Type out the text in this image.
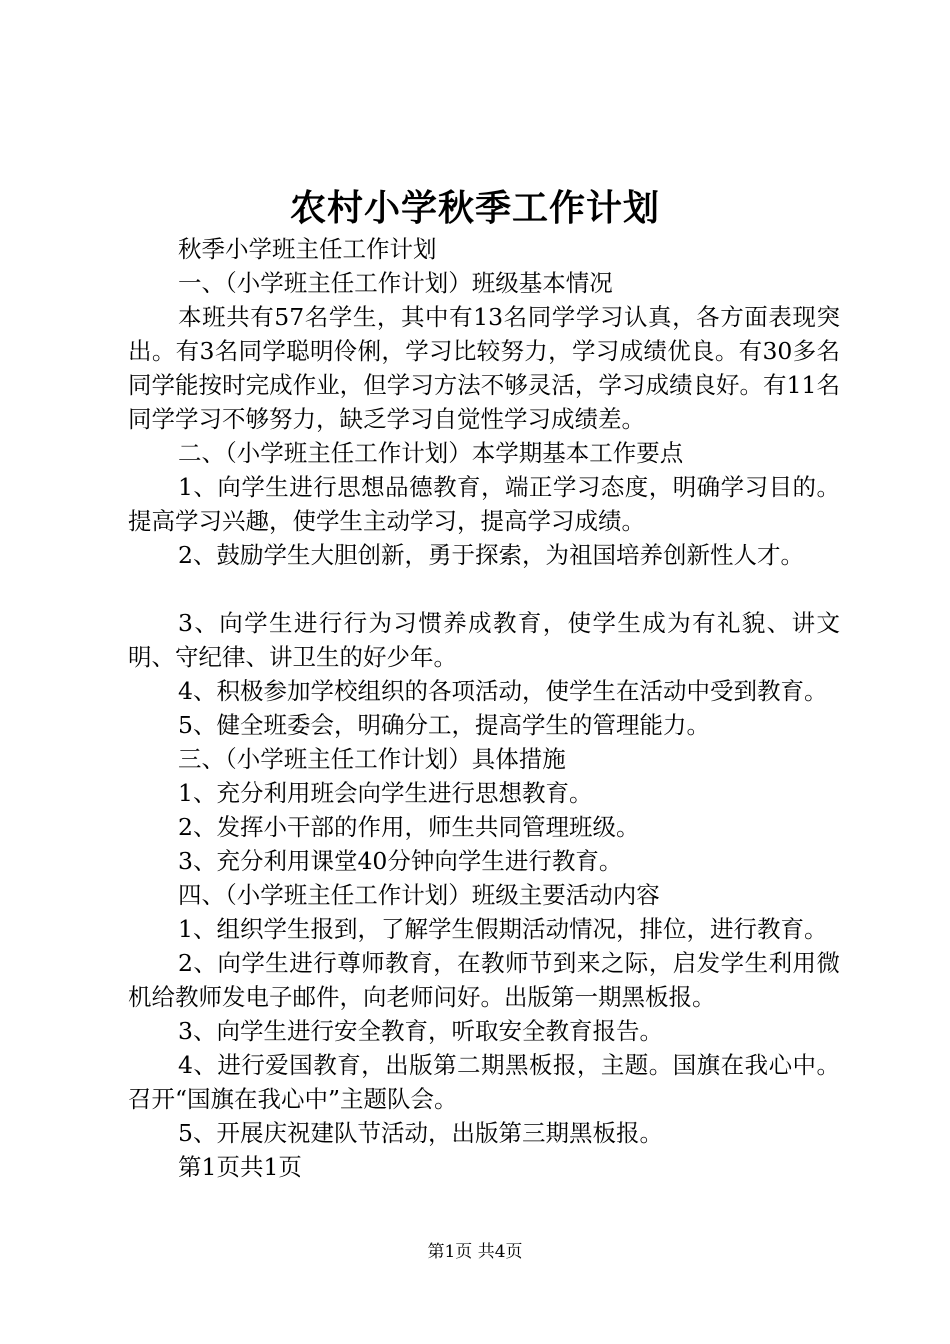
农村小学秋季工作计划

秋季小学班主任工作计划

一、（小学班主任工作计划）班级基本情况

本班共有57名学生，其中有13名同学学习认真，各方面表现突出。有3名同学聪明伶俐，学习比较努力，学习成绩优良。有30多名同学能按时完成作业，但学习方法不够灵活，学习成绩良好。有11名同学学习不够努力，缺乏学习自觉性学习成绩差。

二、（小学班主任工作计划）本学期基本工作要点

1、向学生进行思想品德教育，端正学习态度，明确学习目的。提高学习兴趣，使学生主动学习，提高学习成绩。

2、鼓励学生大胆创新，勇于探索，为祖国培养创新性人才。

3、向学生进行行为习惯养成教育，使学生成为有礼貌、讲文明、守纪律、讲卫生的好少年。

4、积极参加学校组织的各项活动，使学生在活动中受到教育。

5、健全班委会，明确分工，提高学生的管理能力。

三、（小学班主任工作计划）具体措施

1、充分利用班会向学生进行思想教育。

2、发挥小干部的作用，师生共同管理班级。

3、充分利用课堂40分钟向学生进行教育。

四、（小学班主任工作计划）班级主要活动内容

1、组织学生报到，了解学生假期活动情况，排位，进行教育。

2、向学生进行尊师教育，在教师节到来之际，启发学生利用微机给教师发电子邮件，向老师问好。出版第一期黑板报。

3、向学生进行安全教育，听取安全教育报告。

4、进行爱国教育，出版第二期黑板报，主题。国旗在我心中。召开“国旗在我心中”主题队会。

5、开展庆祝建队节活动，出版第三期黑板报。

第1页共1页

第1页 共4页
